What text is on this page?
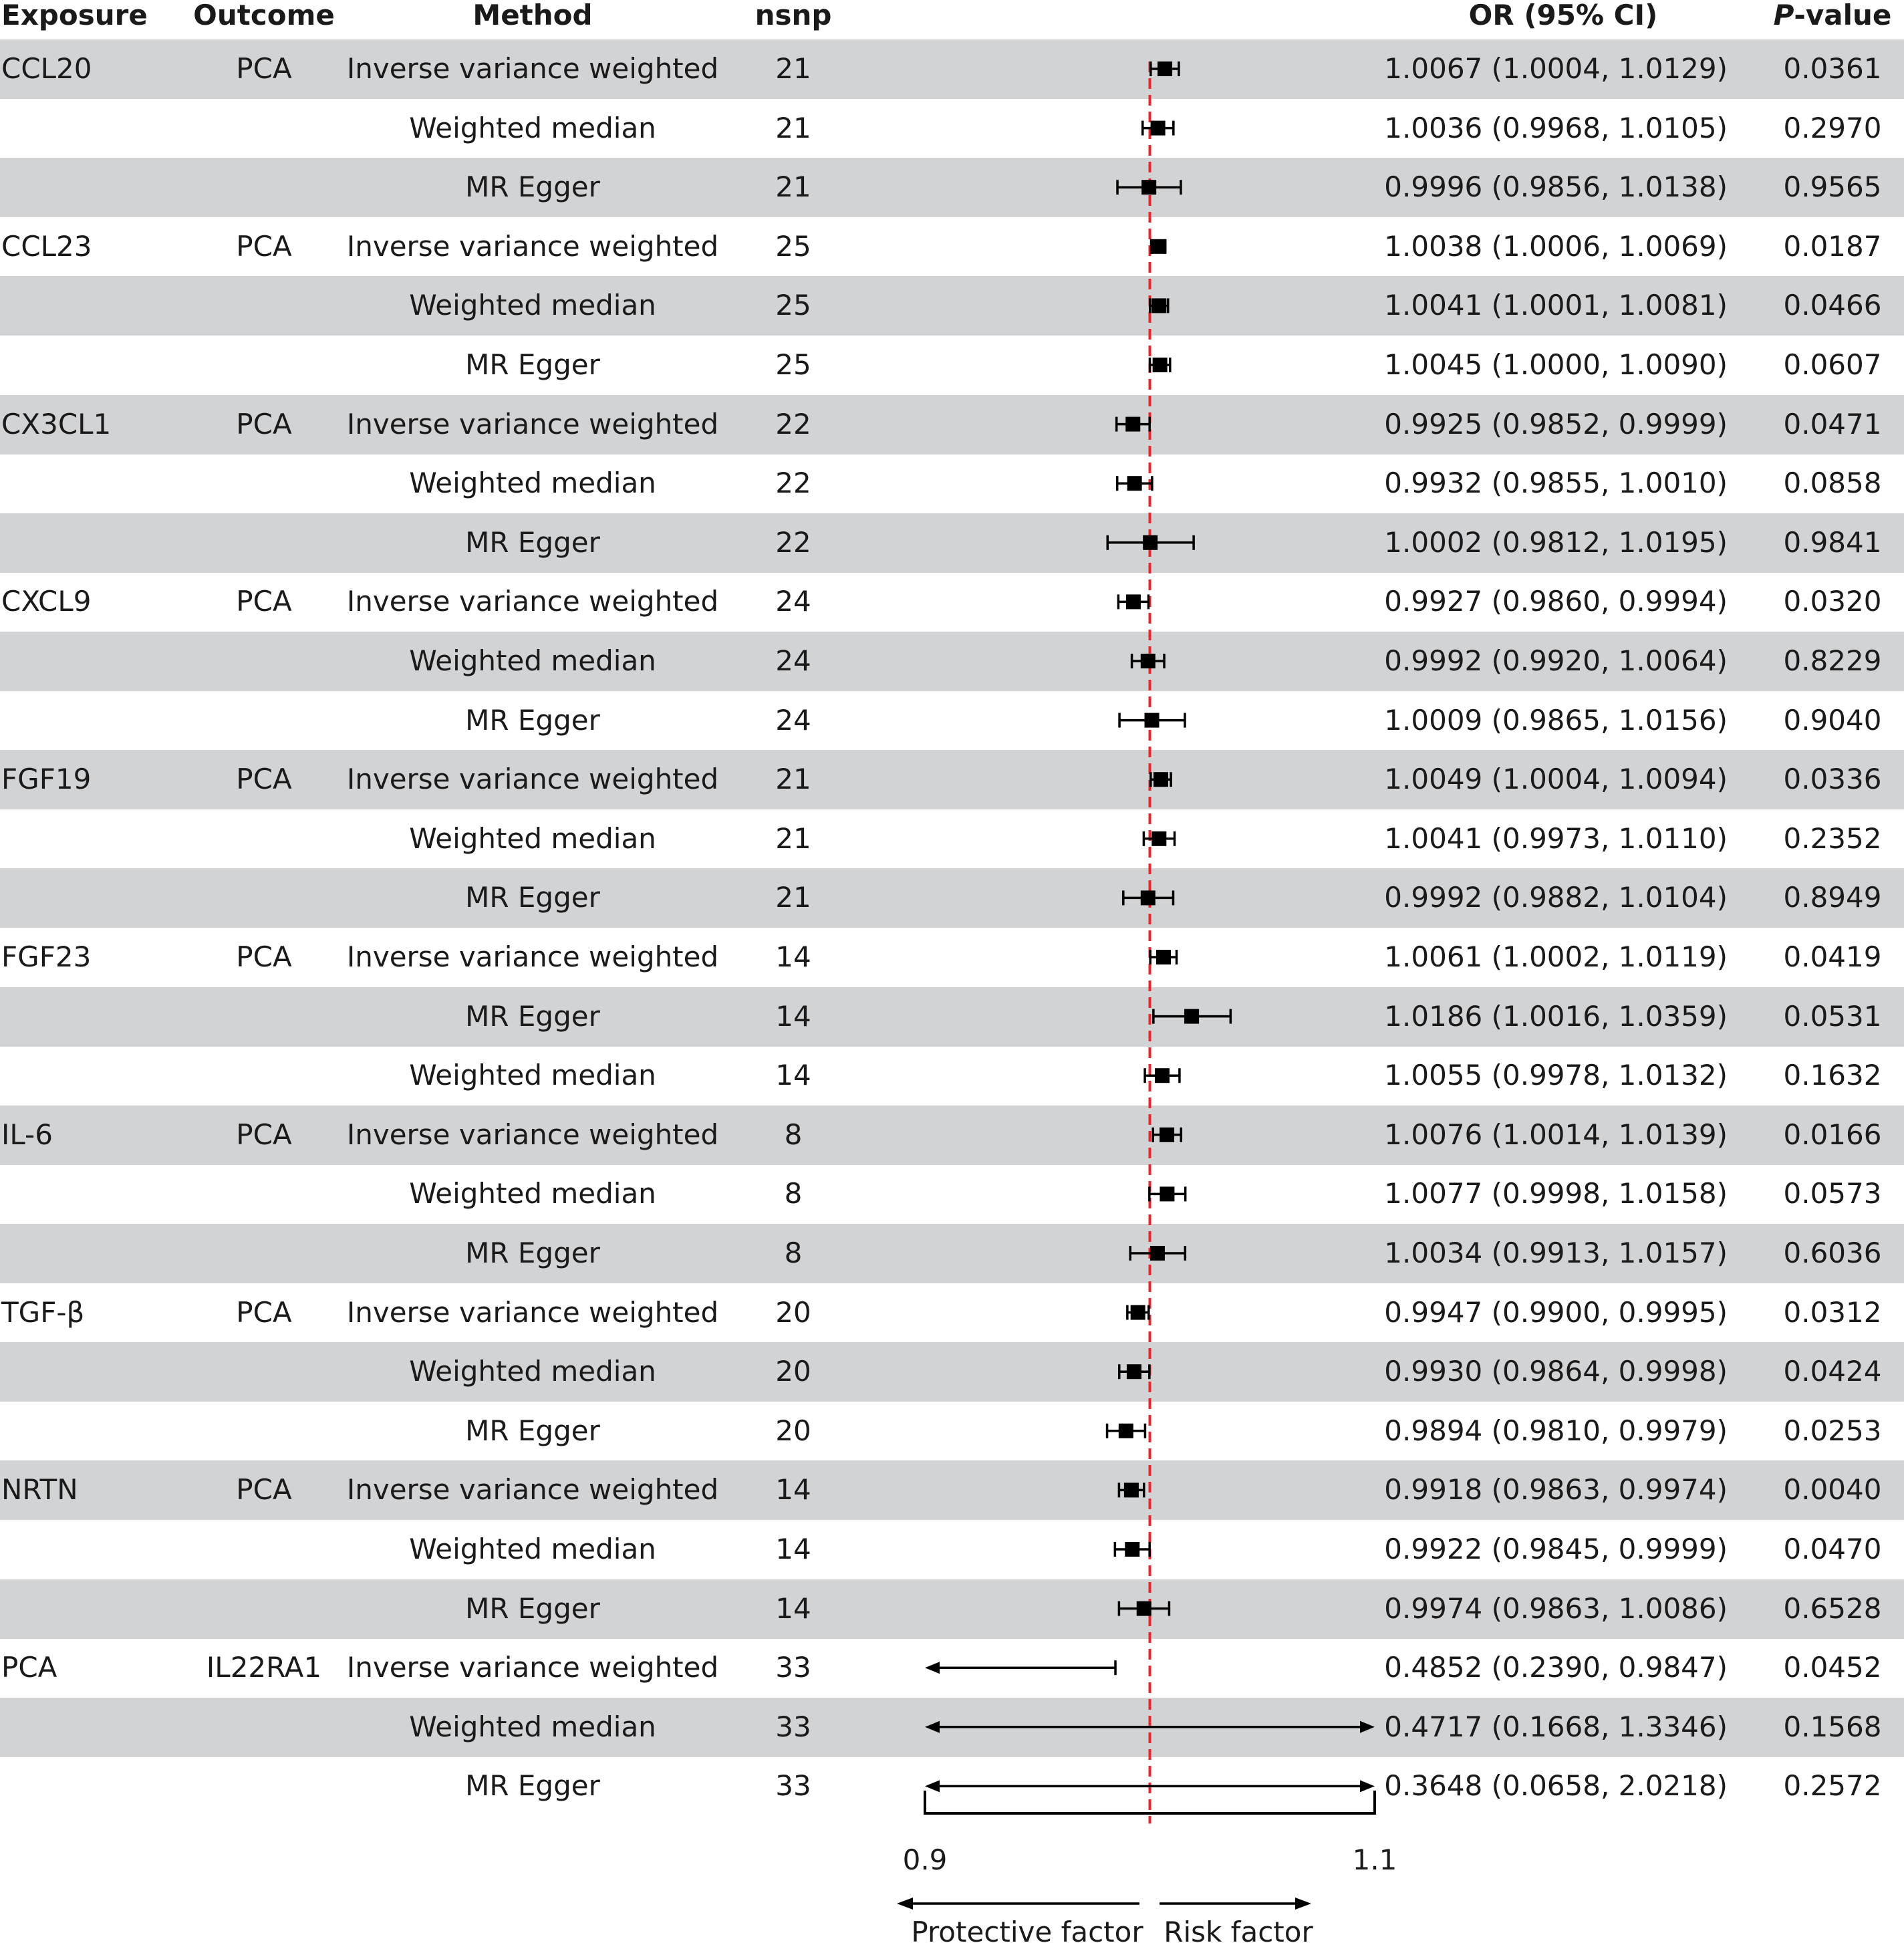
Exposure Outcome	Method	nsnp	OR (95% CI)	P-value
CCL20	PCA Inverse variance weighted 21	1.0067 (1.0004, 1.0129) 0.0361
Weighted median	21	1.0036 (0.9968, 1.0105) 0.2970
MR Egger	21	0.9996 (0.9856, 1.0138) 0.9565
CCL23	PCA Inverse variance weighted 25	1.0038 (1.0006, 1.0069) 0.0187
Weighted median	25	1.0041 (1.0001, 1.0081) 0.0466
MR Egger	25	1.0045 (1.0000, 1.0090) 0.0607
CX3CL1	PCA Inverse variance weighted 22	0.9925 (0.9852, 0.9999) 0.0471
Weighted median	22	0.9932 (0.9855, 1.0010) 0.0858
MR Egger	22	1.0002 (0.9812, 1.0195) 0.9841
CXCL9	PCA Inverse variance weighted 24	0.9927 (0.9860, 0.9994) 0.0320
Weighted median	24	0.9992 (0.9920, 1.0064) 0.8229
MR Egger	24	1.0009 (0.9865, 1.0156) 0.9040
FGF19	PCA Inverse variance weighted 21	1.0049 (1.0004, 1.0094) 0.0336
Weighted median	21	1.0041 (0.9973, 1.0110) 0.2352
MR Egger	21	0.9992 (0.9882, 1.0104) 0.8949
FGF23	PCA Inverse variance weighted 14	1.0061 (1.0002, 1.0119) 0.0419
MR Egger	14	1.0186 (1.0016, 1.0359) 0.0531
Weighted median	14	1.0055 (0.9978, 1.0132) 0.1632
IL-6	PCA Inverse variance weighted 8	1.0076 (1.0014, 1.0139) 0.0166
Weighted median	8	1.0077 (0.9998, 1.0158) 0.0573
MR Egger	8	1.0034 (0.9913, 1.0157) 0.6036
TGF-β	PCA Inverse variance weighted 20	0.9947 (0.9900, 0.9995) 0.0312
Weighted median	20	0.9930 (0.9864, 0.9998) 0.0424
MR Egger	20	0.9894 (0.9810, 0.9979) 0.0253
NRTN	PCA Inverse variance weighted 14	0.9918 (0.9863, 0.9974) 0.0040
Weighted median	14	0.9922 (0.9845, 0.9999) 0.0470
MR Egger	14	0.9974 (0.9863, 1.0086) 0.6528
PCA	IL22RA1 Inverse variance weighted 33	0.4852 (0.2390, 0.9847) 0.0452
Weighted median	33	0.4717 (0.1668, 1.3346) 0.1568
MR Egger	33	0.3648 (0.0658, 2.0218) 0.2572
0.9	1.1
Protective factor Risk factor
